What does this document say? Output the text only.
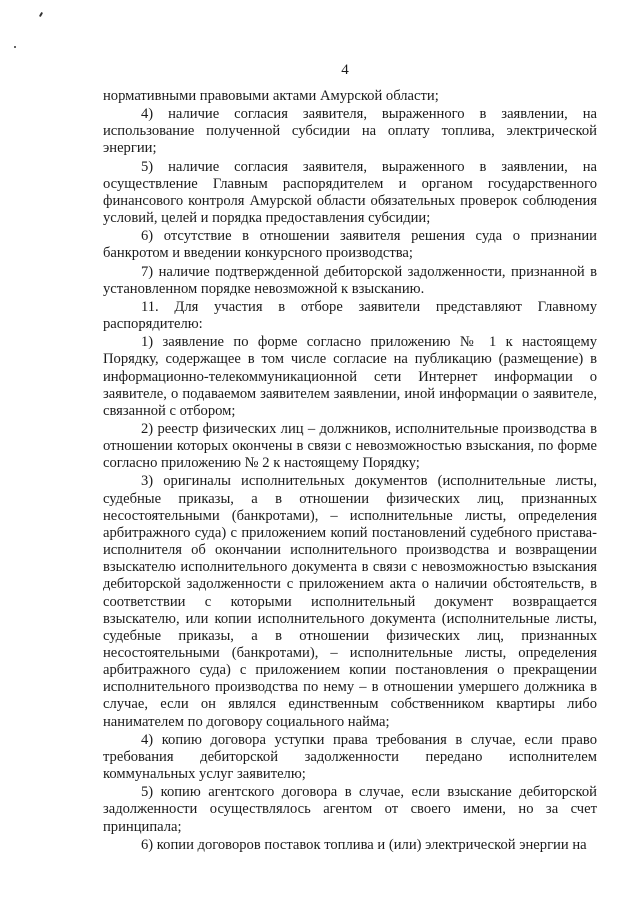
4

нормативными правовыми актами Амурской области;

4) наличие согласия заявителя, выраженного в заявлении, на использование полученной субсидии на оплату топлива, электрической энергии;

5) наличие согласия заявителя, выраженного в заявлении, на осуществление Главным распорядителем и органом государственного финансового контроля Амурской области обязательных проверок соблюдения условий, целей и порядка предоставления субсидии;

6) отсутствие в отношении заявителя решения суда о признании банкротом и введении конкурсного производства;

7) наличие подтвержденной дебиторской задолженности, признанной в установленном порядке невозможной к взысканию.

11. Для участия в отборе заявители представляют Главному распорядителю:

1) заявление по форме согласно приложению № 1 к настоящему Порядку, содержащее в том числе согласие на публикацию (размещение) в информационно-телекоммуникационной сети Интернет информации о заявителе, о подаваемом заявителем заявлении, иной информации о заявителе, связанной с отбором;

2) реестр физических лиц – должников, исполнительные производства в отношении которых окончены в связи с невозможностью взыскания, по форме согласно приложению № 2 к настоящему Порядку;

3) оригиналы исполнительных документов (исполнительные листы, судебные приказы, а в отношении физических лиц, признанных несостоятельными (банкротами), – исполнительные листы, определения арбитражного суда) с приложением копий постановлений судебного пристава-исполнителя об окончании исполнительного производства и возвращении взыскателю исполнительного документа в связи с невозможностью взыскания дебиторской задолженности с приложением акта о наличии обстоятельств, в соответствии с которыми исполнительный документ возвращается взыскателю, или копии исполнительного документа (исполнительные листы, судебные приказы, а в отношении физических лиц, признанных несостоятельными (банкротами), – исполнительные листы, определения арбитражного суда) с приложением копии постановления о прекращении исполнительного производства по нему – в отношении умершего должника в случае, если он являлся единственным собственником квартиры либо нанимателем по договору социального найма;

4) копию договора уступки права требования в случае, если право требования дебиторской задолженности передано исполнителем коммунальных услуг заявителю;

5) копию агентского договора в случае, если взыскание дебиторской задолженности осуществлялось агентом от своего имени, но за счет принципала;

6) копии договоров поставок топлива и (или) электрической энергии на
